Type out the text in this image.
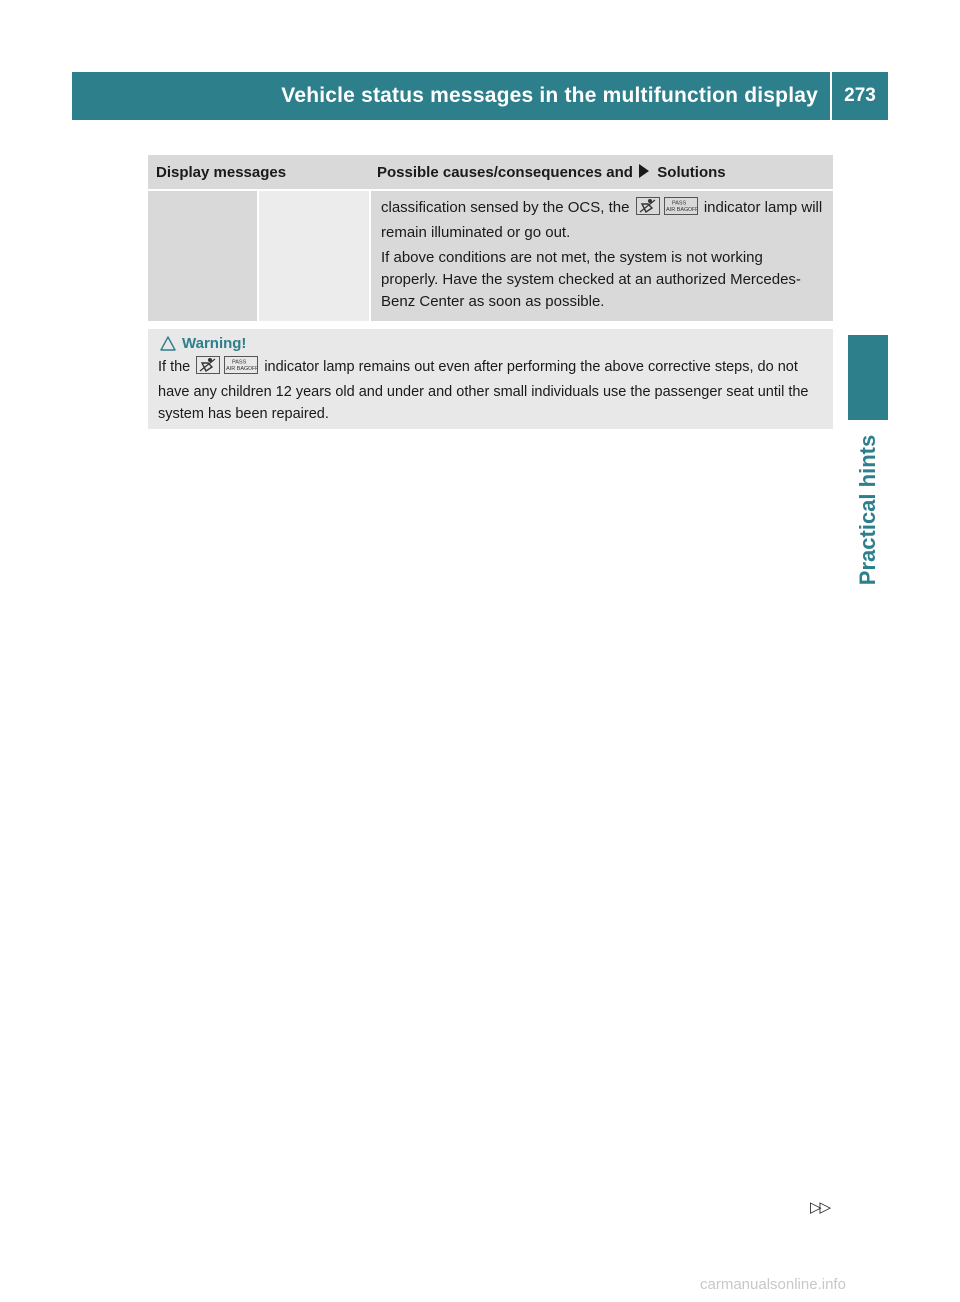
Vehicle status messages in the multifunction display	273
Practical hints
Display messages	Possible causes/consequences and Solutions

classification sensed by the OCS, the	PASS
AIR BAG OFF indicator lamp will remain illuminated or go out.

If above conditions are not met, the system is not working properly. Have the system checked at an authorized Mercedes-Benz Center as soon as possible.

Warning!
If the	PASS
AIR BAG OFF indicator lamp remains out even after performing the above corrective steps, do not have any children 12 years old and under and other small individuals use the passenger seat until the system has been repaired.
▷▷
carmanualsonline.info
